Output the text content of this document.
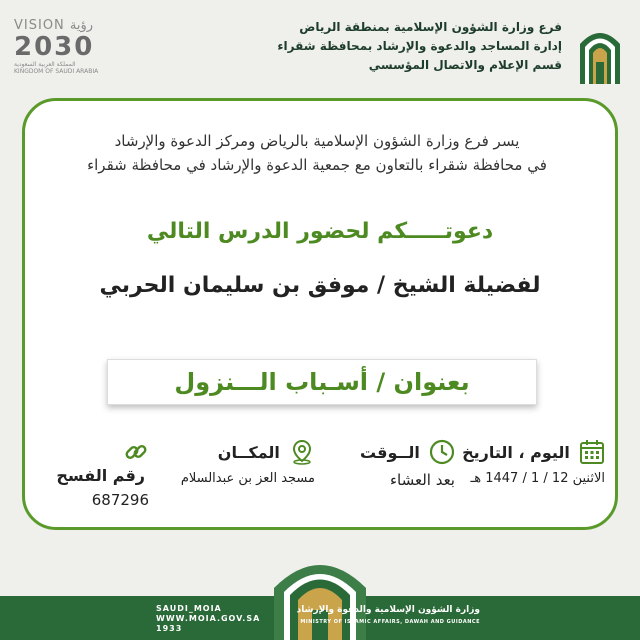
VISION رؤية
2030
المملكة العربية السعودية
KINGDOM OF SAUDI ARABIA
فرع وزارة الشؤون الإسلامية بمنطقة الرياض
إدارة المساجد والدعوة والإرشاد بمحافظة شقراء
قسم الإعلام والاتصال المؤسسي
يسر فرع وزارة الشؤون الإسلامية بالرياض ومركز الدعوة والإرشاد
في محافظة شقراء بالتعاون مع جمعية الدعوة والإرشاد في محافظة شقراء
دعوتـــــكم لحضور الدرس التالي
لفضيلة الشيخ / موفق بن سليمان الحربي
بعنوان / أسـباب الـــنزول
اليوم ، التاريخ
الاثنين 12 / 1 / 1447 هـ
الــوقت
بعد العشاء
المكــان
مسجد العز بن عبدالسلام
رقم الفسح
687296
SAUDI_MOIA
WWW.MOIA.GOV.SA
1933
وزارة الشؤون الإسلامية والدعوة والإرشاد
MINISTRY OF ISLAMIC AFFAIRS, DAWAH AND GUIDANCE
